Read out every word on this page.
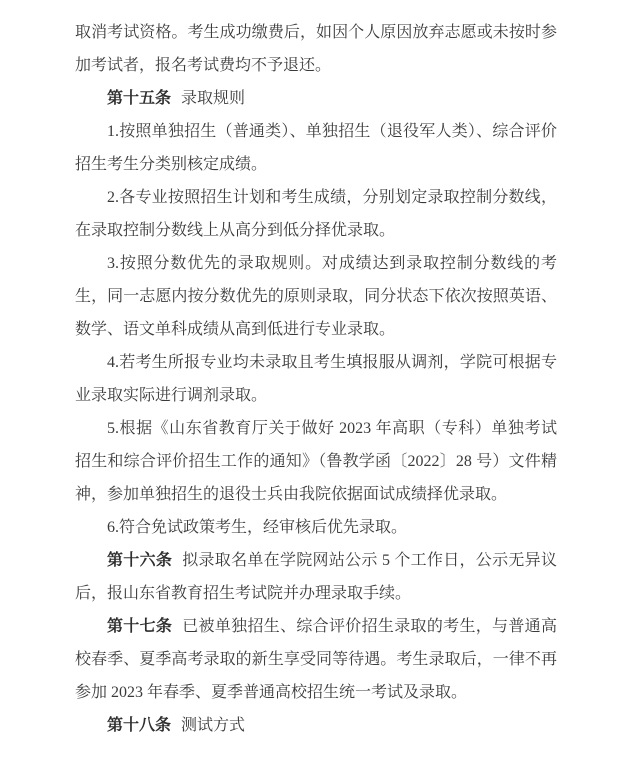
取消考试资格。考生成功缴费后，如因个人原因放弃志愿或未按时参加考试者，报名考试费均不予退还。

第十五条 录取规则

1.按照单独招生（普通类）、单独招生（退役军人类）、综合评价招生考生分类别核定成绩。

2.各专业按照招生计划和考生成绩，分别划定录取控制分数线，在录取控制分数线上从高分到低分择优录取。

3.按照分数优先的录取规则。对成绩达到录取控制分数线的考生，同一志愿内按分数优先的原则录取，同分状态下依次按照英语、数学、语文单科成绩从高到低进行专业录取。

4.若考生所报专业均未录取且考生填报服从调剂，学院可根据专业录取实际进行调剂录取。

5.根据《山东省教育厅关于做好 2023 年高职（专科）单独考试招生和综合评价招生工作的通知》（鲁教学函〔2022〕28 号）文件精神，参加单独招生的退役士兵由我院依据面试成绩择优录取。

6.符合免试政策考生，经审核后优先录取。

第十六条 拟录取名单在学院网站公示 5 个工作日，公示无异议后，报山东省教育招生考试院并办理录取手续。

第十七条 已被单独招生、综合评价招生录取的考生，与普通高校春季、夏季高考录取的新生享受同等待遇。考生录取后，一律不再参加 2023 年春季、夏季普通高校招生统一考试及录取。

第十八条 测试方式
